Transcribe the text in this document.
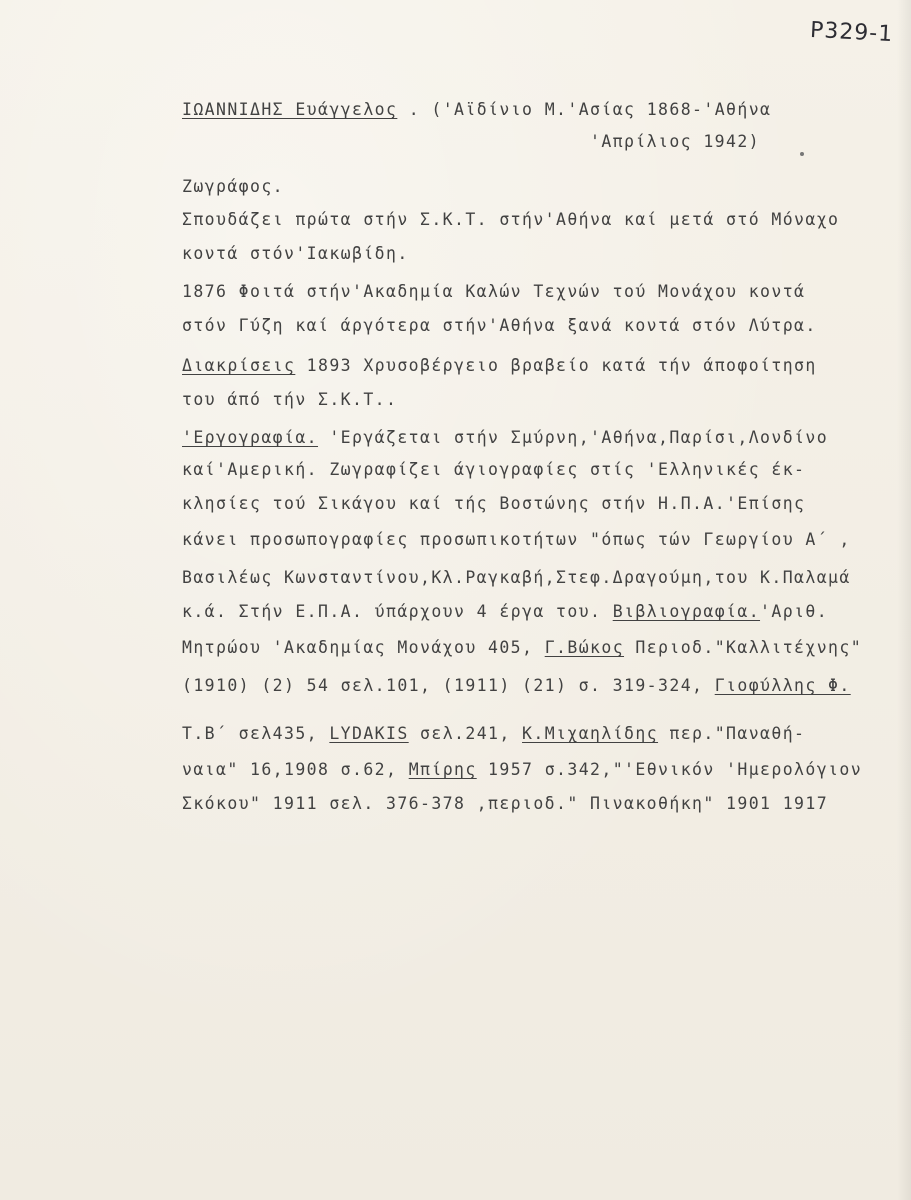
Ρ329-1
ΙΩΑΝΝΙΔΗΣ Ευάγγελος . ('Αϊδίνιο Μ.'Ασίας 1868-'Αθήνα
'Απρίλιος 1942)
Ζωγράφος.
Σπουδάζει πρώτα στήν Σ.Κ.Τ. στήν'Αθήνα καί μετά στό Μόναχο
κοντά στόν'Ιακωβίδη.
1876 Φοιτά στήν'Ακαδημία Καλών Τεχνών τού Μονάχου κοντά
στόν Γύζη καί άργότερα στήν'Αθήνα ξανά κοντά στόν Λύτρα.
Διακρίσεις 1893 Χρυσοβέργειο βραβείο κατά τήν άποφοίτηση
του άπό τήν Σ.Κ.Τ..
'Εργογραφία. 'Εργάζεται στήν Σμύρνη,'Αθήνα,Παρίσι,Λονδίνο
καί'Αμερική. Ζωγραφίζει άγιογραφίες στίς 'Ελληνικές έκ-
κλησίες τού Σικάγου καί τής Βοστώνης στήν Η.Π.Α.'Επίσης
κάνει προσωπογραφίες προσωπικοτήτων "όπως τών Γεωργίου Α΄ ,
Βασιλέως Κωνσταντίνου,Κλ.Ραγκαβή,Στεφ.Δραγούμη,του Κ.Παλαμά
κ.ά. Στήν Ε.Π.Α. ύπάρχουν 4 έργα του. Βιβλιογραφία.'Αριθ.
Μητρώου 'Ακαδημίας Μονάχου 405, Γ.Βώκος Περιοδ."Καλλιτέχνης"
(1910) (2) 54 σελ.101, (1911) (21) σ. 319-324, Γιοφύλλης Φ.
Τ.Β΄ σελ435, LYDAKIS σελ.241, Κ.Μιχαηλίδης περ."Παναθή-
ναια" 16,1908 σ.62, Μπίρης 1957 σ.342,"'Εθνικόν 'Ημερολόγιον
Σκόκου" 1911 σελ. 376-378 ,περιοδ." Πινακοθήκη" 1901 1917
